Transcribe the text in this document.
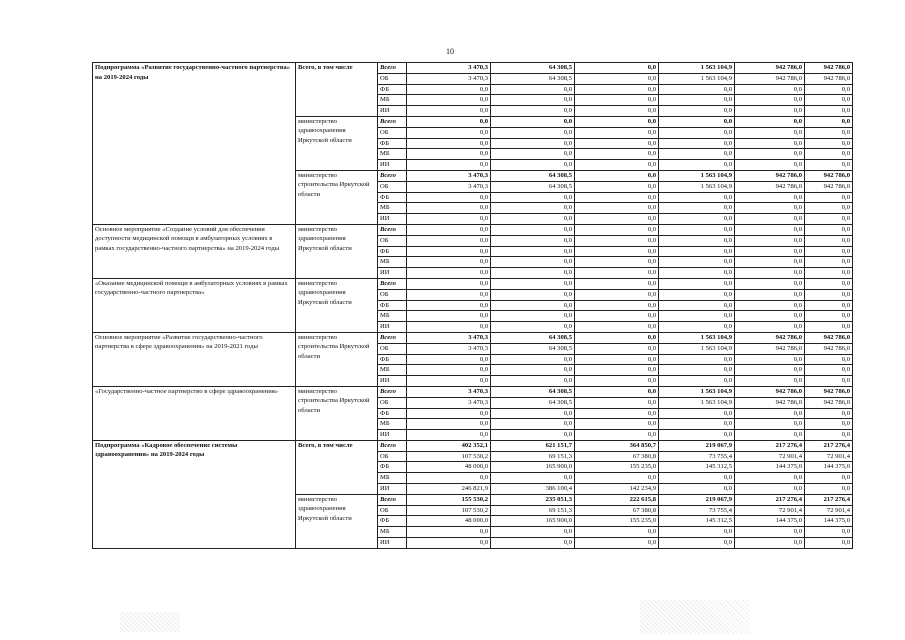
10
Подпрограмма «Развитие государственно-частного партнерства» на 2019-2024 годы	Всего, в том числе	Всего	3 470,3	64 308,5	0,0	1 563 104,9	942 786,0	942 786,0
		ОБ	3 470,3	64 308,5	0,0	1 563 104,9	942 786,0	942 786,0
		ФБ	0,0	0,0	0,0	0,0	0,0	0,0
		МБ	0,0	0,0	0,0	0,0	0,0	0,0
		ИИ	0,0	0,0	0,0	0,0	0,0	0,0
	министерство здравоохранения Иркутской области	Всего	0,0	0,0	0,0	0,0	0,0	0,0
		ОБ	0,0	0,0	0,0	0,0	0,0	0,0
		ФБ	0,0	0,0	0,0	0,0	0,0	0,0
		МБ	0,0	0,0	0,0	0,0	0,0	0,0
		ИИ	0,0	0,0	0,0	0,0	0,0	0,0
	министерство строительства Иркутской области	Всего	3 470,3	64 308,5	0,0	1 563 104,9	942 786,0	942 786,0
		ОБ	3 470,3	64 308,5	0,0	1 563 104,9	942 786,0	942 786,0
		ФБ	0,0	0,0	0,0	0,0	0,0	0,0
		МБ	0,0	0,0	0,0	0,0	0,0	0,0
		ИИ	0,0	0,0	0,0	0,0	0,0	0,0
Основное мероприятие «Создание условий для обеспечения доступности медицинской помощи в амбулаторных условиях в рамках государственно-частного партнерства» на 2019-2024 годы	министерство здравоохранения Иркутской области	Всего	0,0	0,0	0,0	0,0	0,0	0,0
		ОБ	0,0	0,0	0,0	0,0	0,0	0,0
		ФБ	0,0	0,0	0,0	0,0	0,0	0,0
		МБ	0,0	0,0	0,0	0,0	0,0	0,0
		ИИ	0,0	0,0	0,0	0,0	0,0	0,0
«Оказание медицинской помощи в амбулаторных условиях в рамках государственно-частного партнерства»	министерство здравоохранения Иркутской области	Всего	0,0	0,0	0,0	0,0	0,0	0,0
		ОБ	0,0	0,0	0,0	0,0	0,0	0,0
		ФБ	0,0	0,0	0,0	0,0	0,0	0,0
		МБ	0,0	0,0	0,0	0,0	0,0	0,0
		ИИ	0,0	0,0	0,0	0,0	0,0	0,0
Основное мероприятие «Развитие государственно-частного партнерства в сфере здравоохранения» на 2019-2021 годы	министерство строительства Иркутской области	Всего	3 470,3	64 308,5	0,0	1 563 104,9	942 786,0	942 786,0
		ОБ	3 470,3	64 308,5	0,0	1 563 104,9	942 786,0	942 786,0
		ФБ	0,0	0,0	0,0	0,0	0,0	0,0
		МБ	0,0	0,0	0,0	0,0	0,0	0,0
		ИИ	0,0	0,0	0,0	0,0	0,0	0,0
«Государственно-частное партнерство в сфере здравоохранения»	министерство строительства Иркутской области	Всего	3 470,3	64 308,5	0,0	1 563 104,9	942 786,0	942 786,0
		ОБ	3 470,3	64 308,5	0,0	1 563 104,9	942 786,0	942 786,0
		ФБ	0,0	0,0	0,0	0,0	0,0	0,0
		МБ	0,0	0,0	0,0	0,0	0,0	0,0
		ИИ	0,0	0,0	0,0	0,0	0,0	0,0
Подпрограмма «Кадровое обеспечение системы здравоохранения» на 2019-2024 годы	Всего, в том числе	Всего	402 352,1	621 151,7	364 850,7	219 067,9	217 276,4	217 276,4
		ОБ	107 530,2	69 151,3	67 380,8	73 755,4	72 901,4	72 901,4
		ФБ	48 000,0	165 900,0	155 235,0	145 312,5	144 375,0	144 375,0
		МБ	0,0	0,0	0,0	0,0	0,0	0,0
		ИИ	246 821,9	386 100,4	142 234,9	0,0	0,0	0,0
	министерство здравоохранения Иркутской области	Всего	155 530,2	235 051,3	222 615,8	219 067,9	217 276,4	217 276,4
		ОБ	107 530,2	69 151,3	67 380,8	73 755,4	72 901,4	72 901,4
		ФБ	48 000,0	165 900,0	155 235,0	145 312,5	144 375,0	144 375,0
		МБ	0,0	0,0	0,0	0,0	0,0	0,0
		ИИ	0,0	0,0	0,0	0,0	0,0	0,0
